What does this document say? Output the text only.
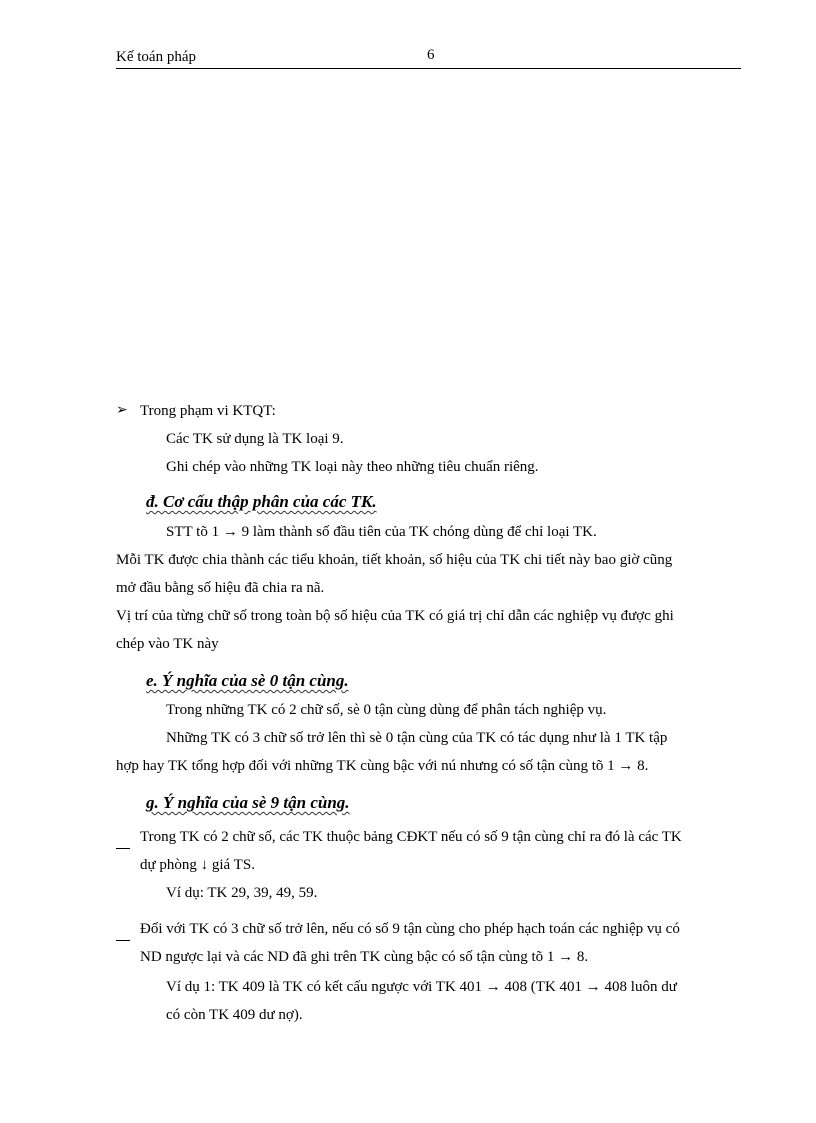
Kế toán pháp	6
➢ Trong phạm vi KTQT:
Các TK sử dụng là TK loại 9.
Ghi chép vào những TK loại này theo những tiêu chuẩn riêng.
đ. Cơ cấu thập phân của các TK.
STT tõ 1 → 9 làm thành số đầu tiên của TK chóng dùng để chỉ loại TK.
Mỗi TK được chia thành các tiểu khoản, tiết khoản, số hiệu của TK chi tiết này bao giờ cũng
mở đầu bằng số hiệu đã chia ra nã.
Vị trí của từng chữ số trong toàn bộ số hiệu của TK có giá trị chỉ dẫn các nghiệp vụ được ghi
chép vào TK này
e. Ý nghĩa của sè 0 tận cùng.
Trong những TK có 2 chữ số, sè 0 tận cùng dùng để phân tách nghiệp vụ.
Những TK có 3 chữ số trở lên thì sè 0 tận cùng của TK có tác dụng như là 1 TK tập
hợp hay TK tổng hợp đối với những TK cùng bậc với nú nhưng có số tận cùng tõ 1 → 8.
g. Ý nghĩa của sè 9 tận cùng.
Trong TK có 2 chữ số, các TK thuộc bảng CĐKT nếu có số 9 tận cùng chỉ ra đó là các TK
dự phòng ↓ giá TS.
Ví dụ: TK 29, 39, 49, 59.
Đối với TK có 3 chữ số trở lên, nếu có số 9 tận cùng cho phép hạch toán các nghiệp vụ có
ND ngược lại và các ND đã ghi trên TK cùng bậc có số tận cùng tõ 1 → 8.
Ví dụ 1: TK 409 là TK có kết cấu ngược với TK 401 → 408 (TK 401 → 408 luôn dư
có còn TK 409 dư nợ).
